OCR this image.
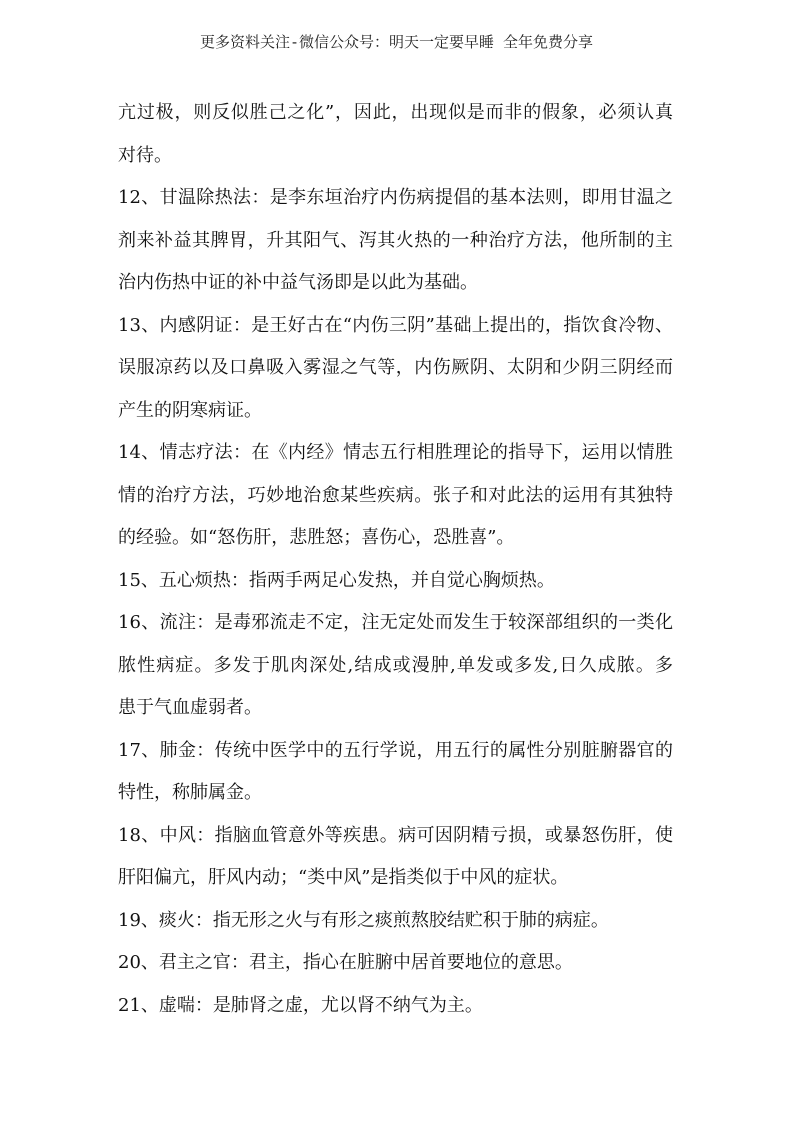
更多资料关注-微信公众号：明天一定要早睡 全年免费分享
亢过极，则反似胜己之化”，因此，出现似是而非的假象，必须认真
对待。
12、甘温除热法：是李东垣治疗内伤病提倡的基本法则，即用甘温之
剂来补益其脾胃，升其阳气、泻其火热的一种治疗方法，他所制的主
治内伤热中证的补中益气汤即是以此为基础。
13、内感阴证：是王好古在“内伤三阴”基础上提出的，指饮食冷物、
误服凉药以及口鼻吸入雾湿之气等，内伤厥阴、太阴和少阴三阴经而
产生的阴寒病证。
14、情志疗法：在《内经》情志五行相胜理论的指导下，运用以情胜
情的治疗方法，巧妙地治愈某些疾病。张子和对此法的运用有其独特
的经验。如“怒伤肝，悲胜怒；喜伤心，恐胜喜”。
15、五心烦热：指两手两足心发热，并自觉心胸烦热。
16、流注：是毒邪流走不定，注无定处而发生于较深部组织的一类化
脓性病症。多发于肌肉深处,结成或漫肿,单发或多发,日久成脓。多
患于气血虚弱者。
17、肺金：传统中医学中的五行学说，用五行的属性分别脏腑器官的
特性，称肺属金。
18、中风：指脑血管意外等疾患。病可因阴精亏损，或暴怒伤肝，使
肝阳偏亢，肝风内动；“类中风”是指类似于中风的症状。
19、痰火：指无形之火与有形之痰煎熬胶结贮积于肺的病症。
20、君主之官：君主，指心在脏腑中居首要地位的意思。
21、虚喘：是肺肾之虚，尤以肾不纳气为主。
